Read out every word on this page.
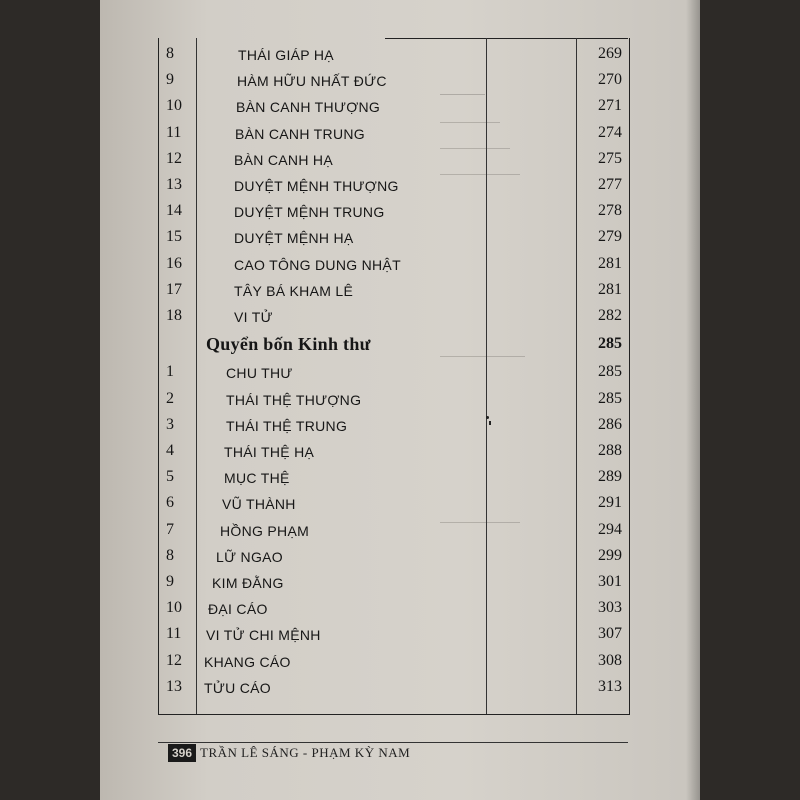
8	THÁI GIÁP HẠ	269
9	HÀM HỮU NHẤT ĐỨC	270
10	BÀN CANH THƯỢNG	271
11	BÀN CANH TRUNG	274
12	BÀN CANH HẠ	275
13	DUYỆT MỆNH THƯỢNG	277
14	DUYỆT MỆNH TRUNG	278
15	DUYỆT MỆNH HẠ	279
16	CAO TÔNG DUNG NHẬT	281
17	TÂY BÁ KHAM LÊ	281
18	VI TỬ	282
Quyển bốn Kinh thư	285
1	CHU THƯ	285
2	THÁI THỆ THƯỢNG	285
3	THÁI THỆ TRUNG	286
4	THÁI THỆ HẠ	288
5	MỤC THỆ	289
6	VŨ THÀNH	291
7	HỒNG PHẠM	294
8	LỮ NGAO	299
9	KIM ĐẰNG	301
10	ĐẠI CÁO	303
11	VI TỬ CHI MỆNH	307
12	KHANG CÁO	308
13	TỬU CÁO	313
396 TRẦN LÊ SÁNG - PHẠM KỲ NAM
